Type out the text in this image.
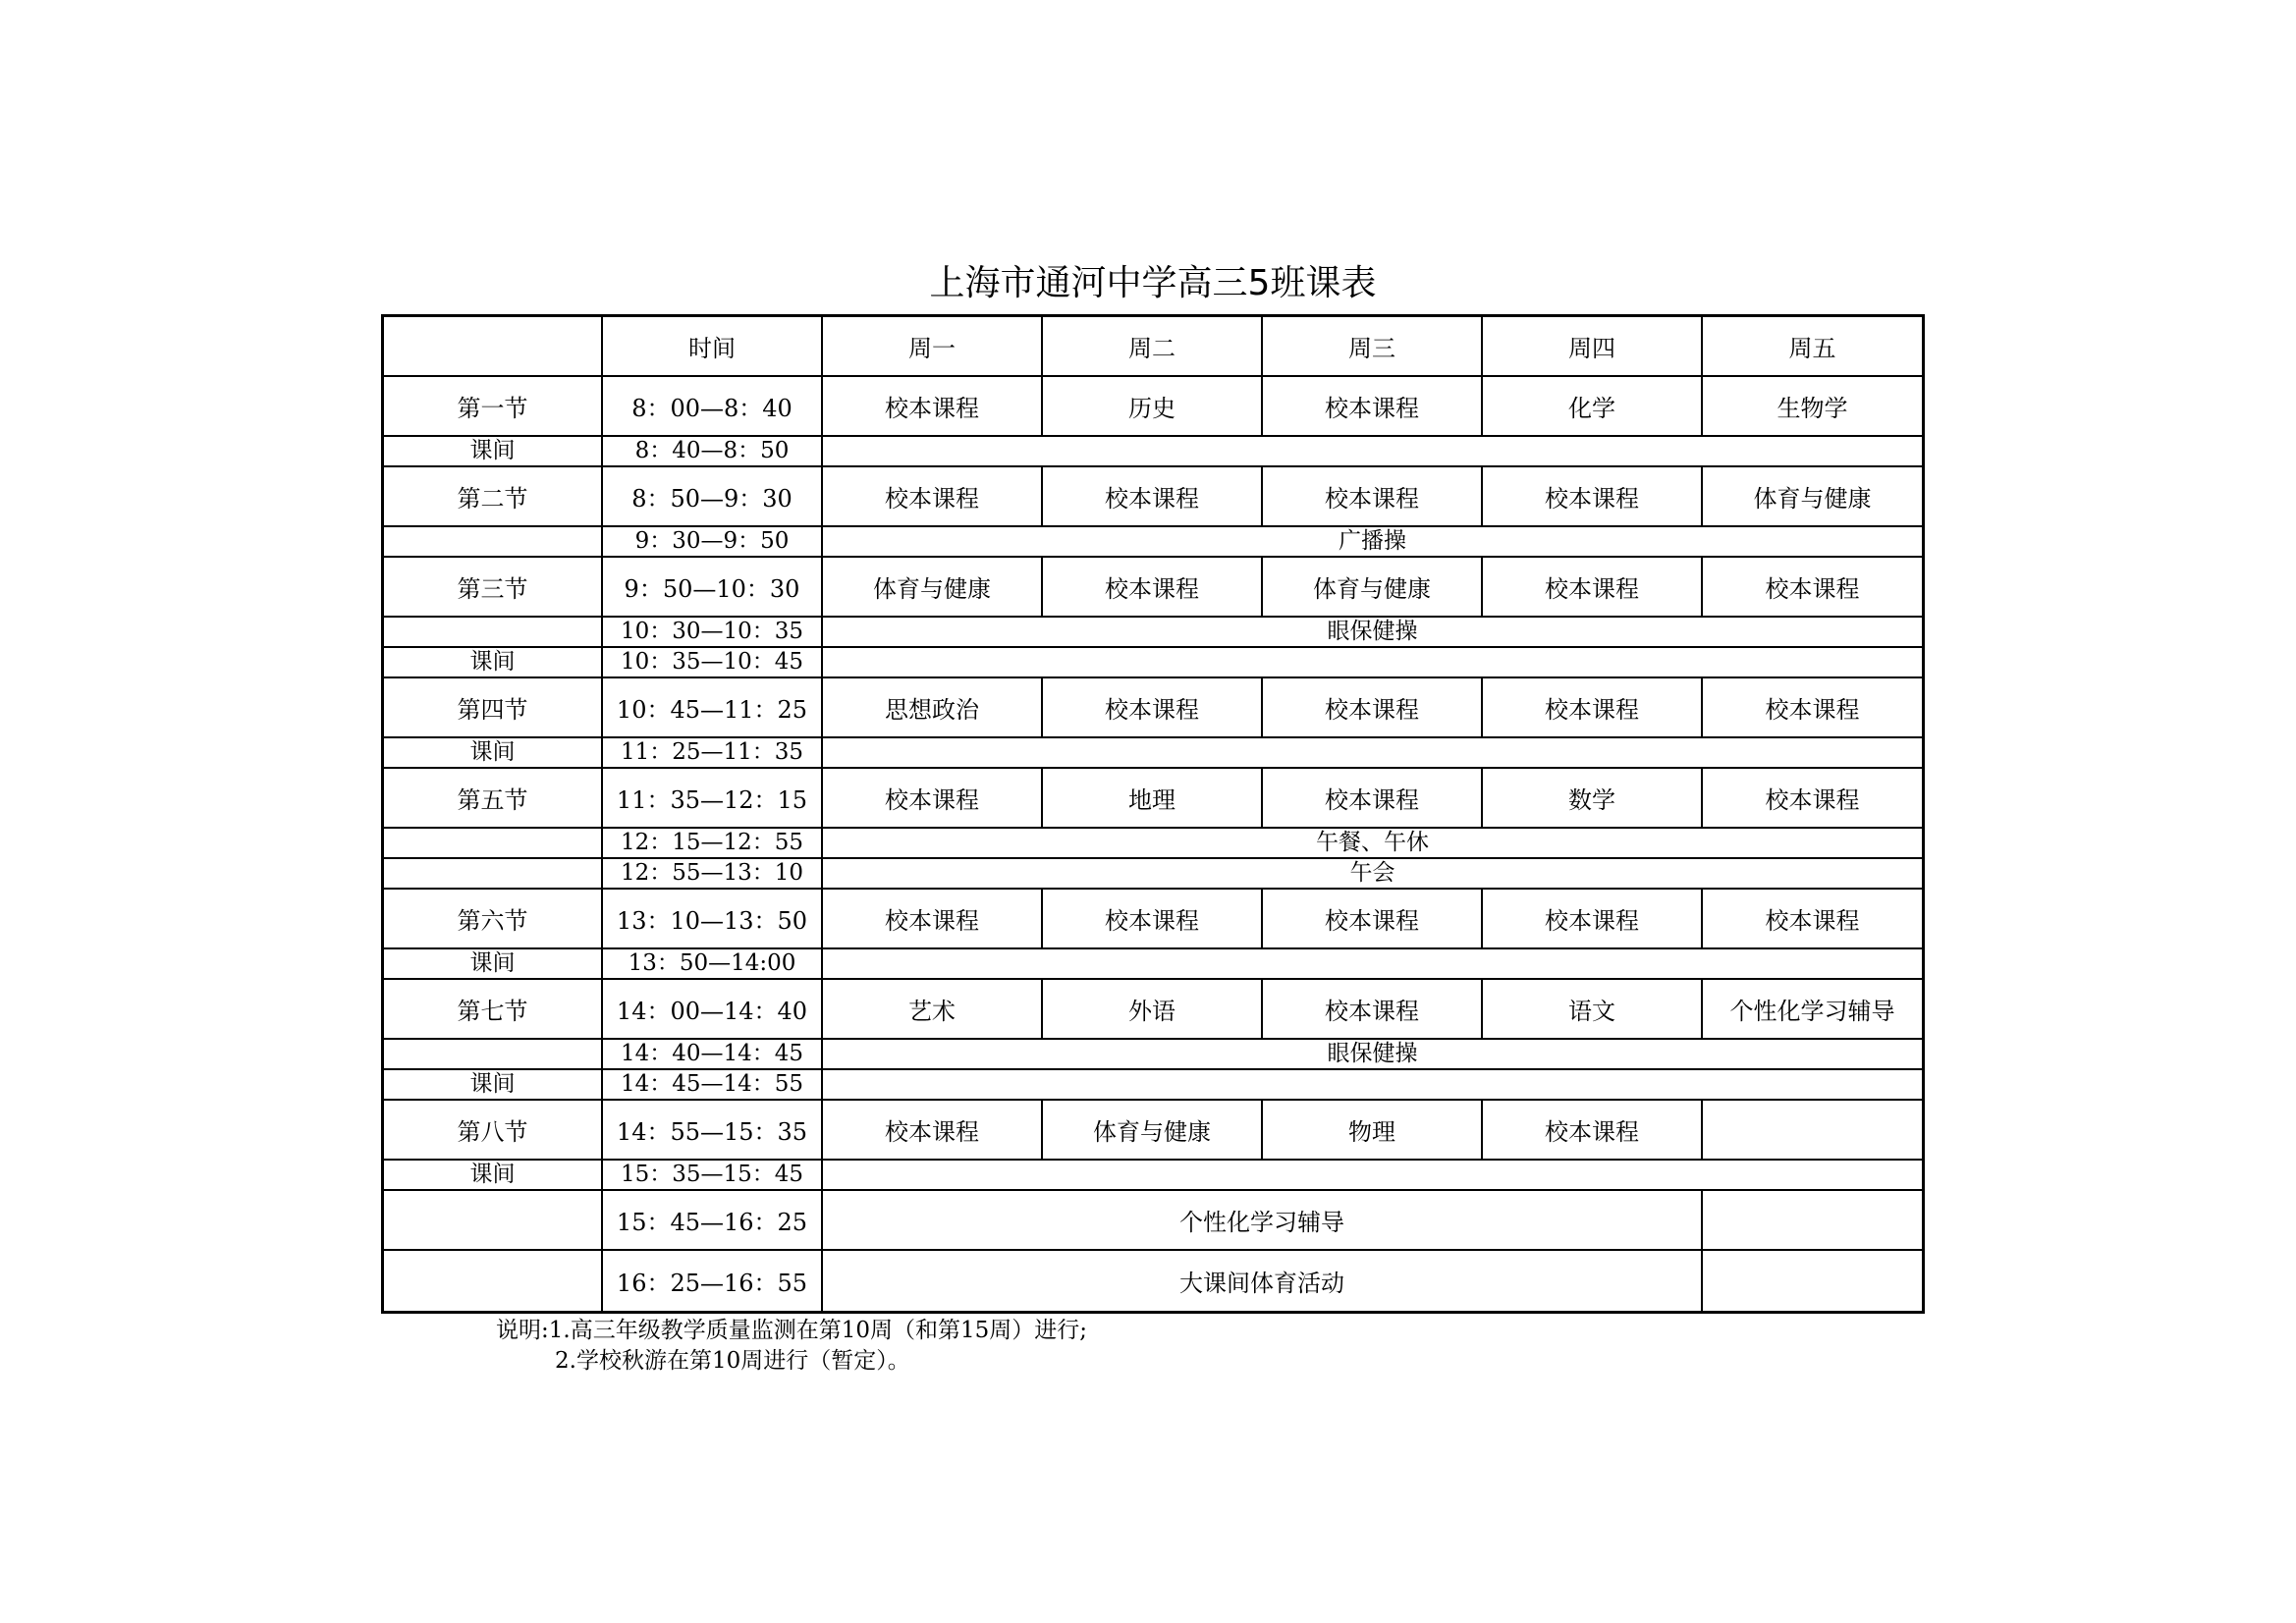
上海市通河中学高三5班课表
时间	周一	周二	周三	周四	周五
第一节	8：00—8：40	校本课程	历史	校本课程	化学	生物学
课间	8：40—8：50
第二节	8：50—9：30	校本课程	校本课程	校本课程	校本课程	体育与健康
9：30—9：50	广播操
第三节	9：50—10：30	体育与健康	校本课程	体育与健康	校本课程	校本课程
10：30—10：35	眼保健操
课间	10：35—10：45
第四节	10：45—11：25	思想政治	校本课程	校本课程	校本课程	校本课程
课间	11：25—11：35
第五节	11：35—12：15	校本课程	地理	校本课程	数学	校本课程
12：15—12：55	午餐、午休
12：55—13：10	午会
第六节	13：10—13：50	校本课程	校本课程	校本课程	校本课程	校本课程
课间	13：50—14:00
第七节	14：00—14：40	艺术	外语	校本课程	语文	个性化学习辅导
14：40—14：45	眼保健操
课间	14：45—14：55
第八节	14：55—15：35	校本课程	体育与健康	物理	校本课程
课间	15：35—15：45
15：45—16：25	个性化学习辅导
16：25—16：55	大课间体育活动
说明:1.高三年级教学质量监测在第10周（和第15周）进行;
2.学校秋游在第10周进行（暂定）。
